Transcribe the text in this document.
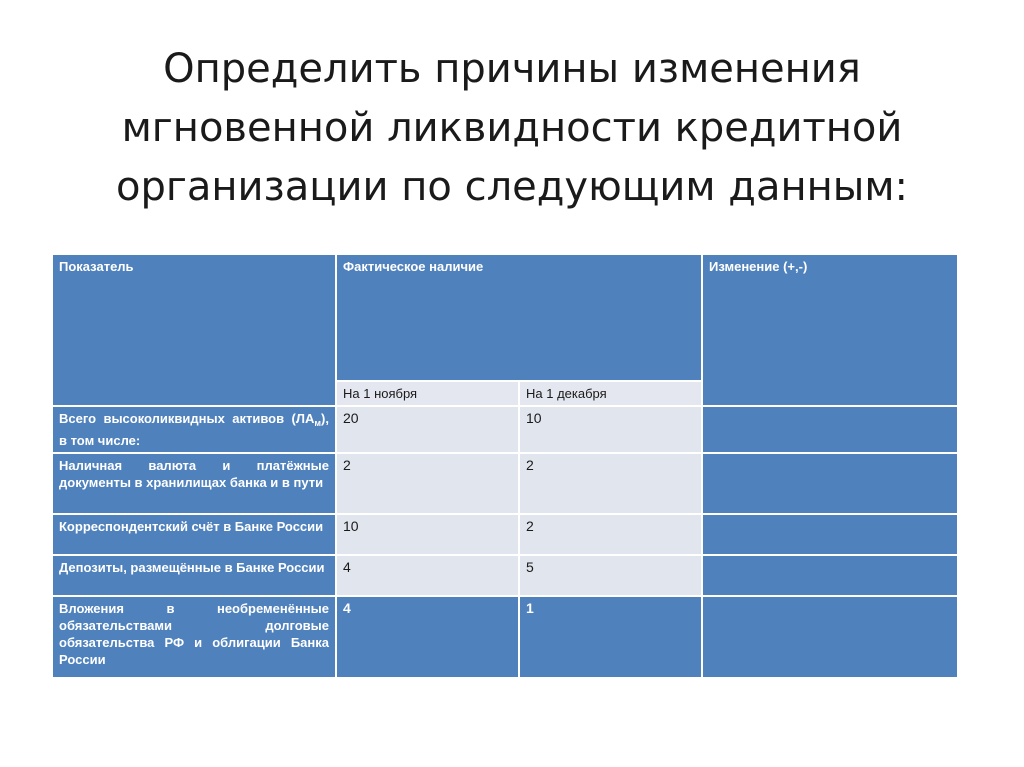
Определить причины изменения
мгновенной ликвидности кредитной
организации по следующим данным:
Показатель	Фактическое наличие		Изменение (+,-)
	На 1 ноября	На 1 декабря	
Всего высоколиквидных активов $(ЛА_м)$, в том числе:	20	10	
Наличная валюта и платёжные документы в хранилищах банка и в пути	2	2	
Корреспондентский счёт в Банке России	10	2	
Депозиты, размещённые в Банке России	4	5	
Вложения в необременённые обязательствами долговые обязательства РФ и облигации Банка России	4	1	
